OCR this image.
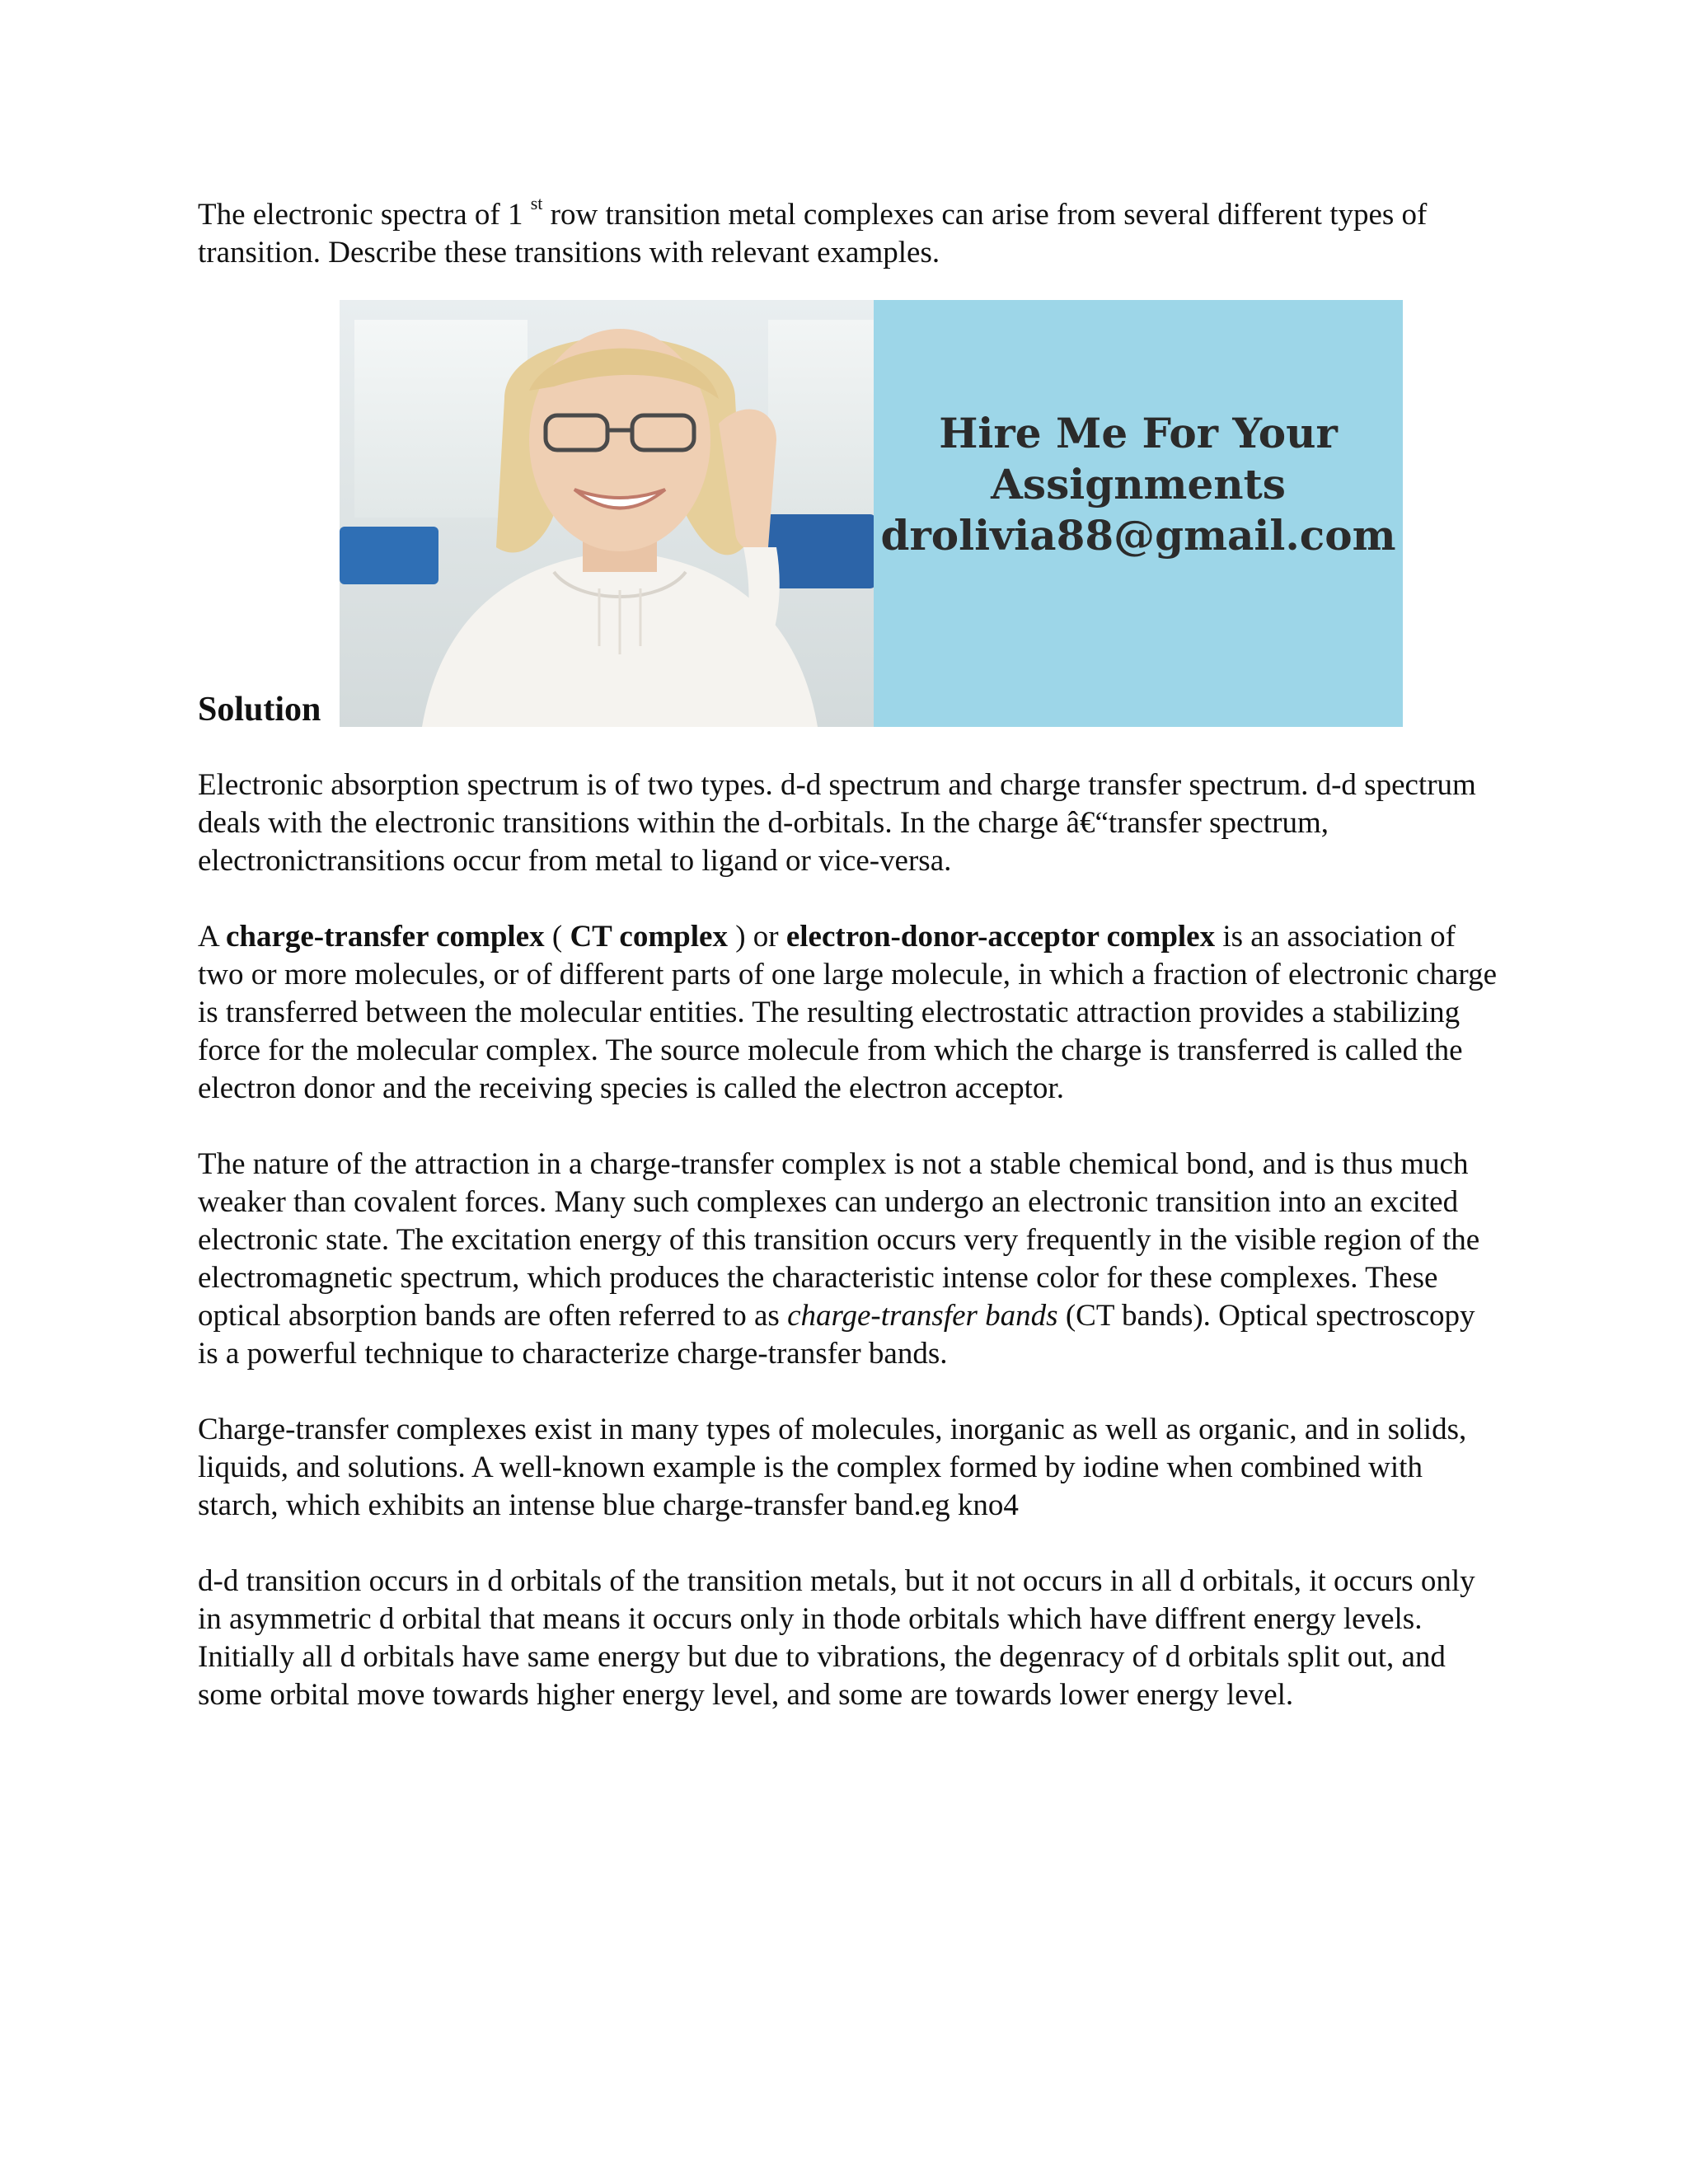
The electronic spectra of 1 $^{st}$ row transition metal complexes can arise from several different types of transition. Describe these transitions with relevant examples.

Solution
Hire Me For Your
Assignments
drolivia88@gmail.com

Electronic absorption spectrum is of two types. d-d spectrum and charge transfer spectrum. d-d spectrum deals with the electronic transitions within the d-orbitals. In the charge â€“transfer spectrum, electronictransitions occur from metal to ligand or vice-versa.

A charge-transfer complex ( CT complex ) or electron-donor-acceptor complex is an association of two or more molecules, or of different parts of one large molecule, in which a fraction of electronic charge is transferred between the molecular entities. The resulting electrostatic attraction provides a stabilizing force for the molecular complex. The source molecule from which the charge is transferred is called the electron donor and the receiving species is called the electron acceptor.

The nature of the attraction in a charge-transfer complex is not a stable chemical bond, and is thus much weaker than covalent forces. Many such complexes can undergo an electronic transition into an excited electronic state. The excitation energy of this transition occurs very frequently in the visible region of the electromagnetic spectrum, which produces the characteristic intense color for these complexes. These optical absorption bands are often referred to as charge-transfer bands (CT bands). Optical spectroscopy is a powerful technique to characterize charge-transfer bands.

Charge-transfer complexes exist in many types of molecules, inorganic as well as organic, and in solids, liquids, and solutions. A well-known example is the complex formed by iodine when combined with starch, which exhibits an intense blue charge-transfer band.eg kno4

d-d transition occurs in d orbitals of the transition metals, but it not occurs in all d orbitals, it occurs only in asymmetric d orbital that means it occurs only in thode orbitals which have diffrent energy levels. Initially all d orbitals have same energy but due to vibrations, the degenracy of d orbitals split out, and some orbital move towards higher energy level, and some are towards lower energy level.
